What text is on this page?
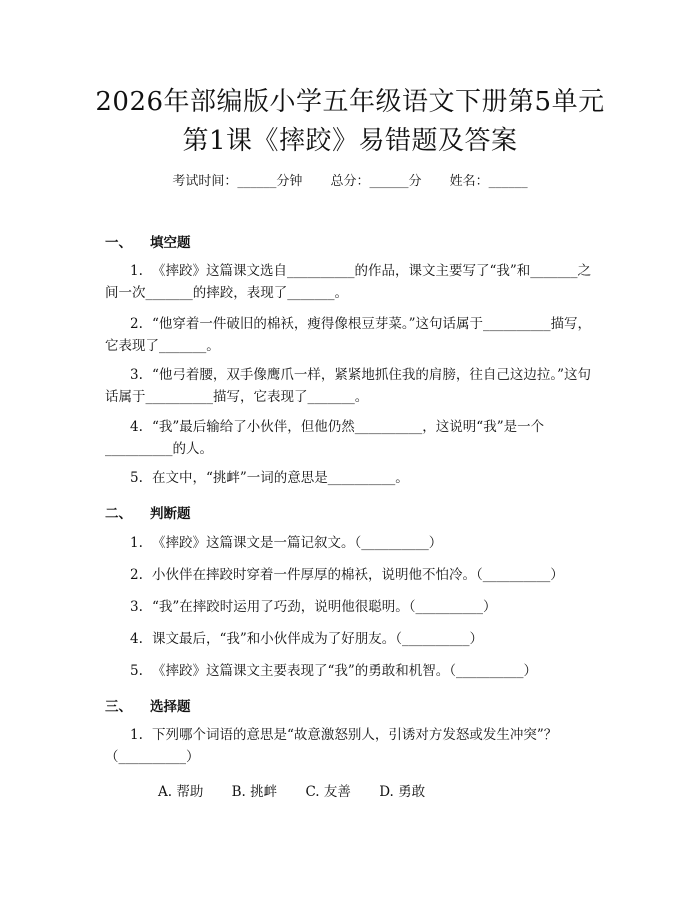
2026年部编版小学五年级语文下册第5单元
第1课《摔跤》易错题及答案
考试时间：______分钟 总分：______分 姓名：______
一、 填空题
1. 《摔跤》这篇课文选自__________的作品，课文主要写了“我”和_______之间一次_______的摔跤，表现了_______。
2. “他穿着一件破旧的棉袄，瘦得像根豆芽菜。”这句话属于__________描写，它表现了_______。
3. “他弓着腰，双手像鹰爪一样，紧紧地抓住我的肩膀，往自己这边拉。”这句话属于__________描写，它表现了_______。
4. “我”最后输给了小伙伴，但他仍然__________，这说明“我”是一个__________的人。
5. 在文中，“挑衅”一词的意思是__________。
二、 判断题
1. 《摔跤》这篇课文是一篇记叙文。（__________）
2. 小伙伴在摔跤时穿着一件厚厚的棉袄，说明他不怕冷。（__________）
3. “我”在摔跤时运用了巧劲，说明他很聪明。（__________）
4. 课文最后，“我”和小伙伴成为了好朋友。（__________）
5. 《摔跤》这篇课文主要表现了“我”的勇敢和机智。（__________）
三、 选择题
1. 下列哪个词语的意思是“故意激怒别人，引诱对方发怒或发生冲突”？（__________）
A. 帮助 B. 挑衅 C. 友善 D. 勇敢
